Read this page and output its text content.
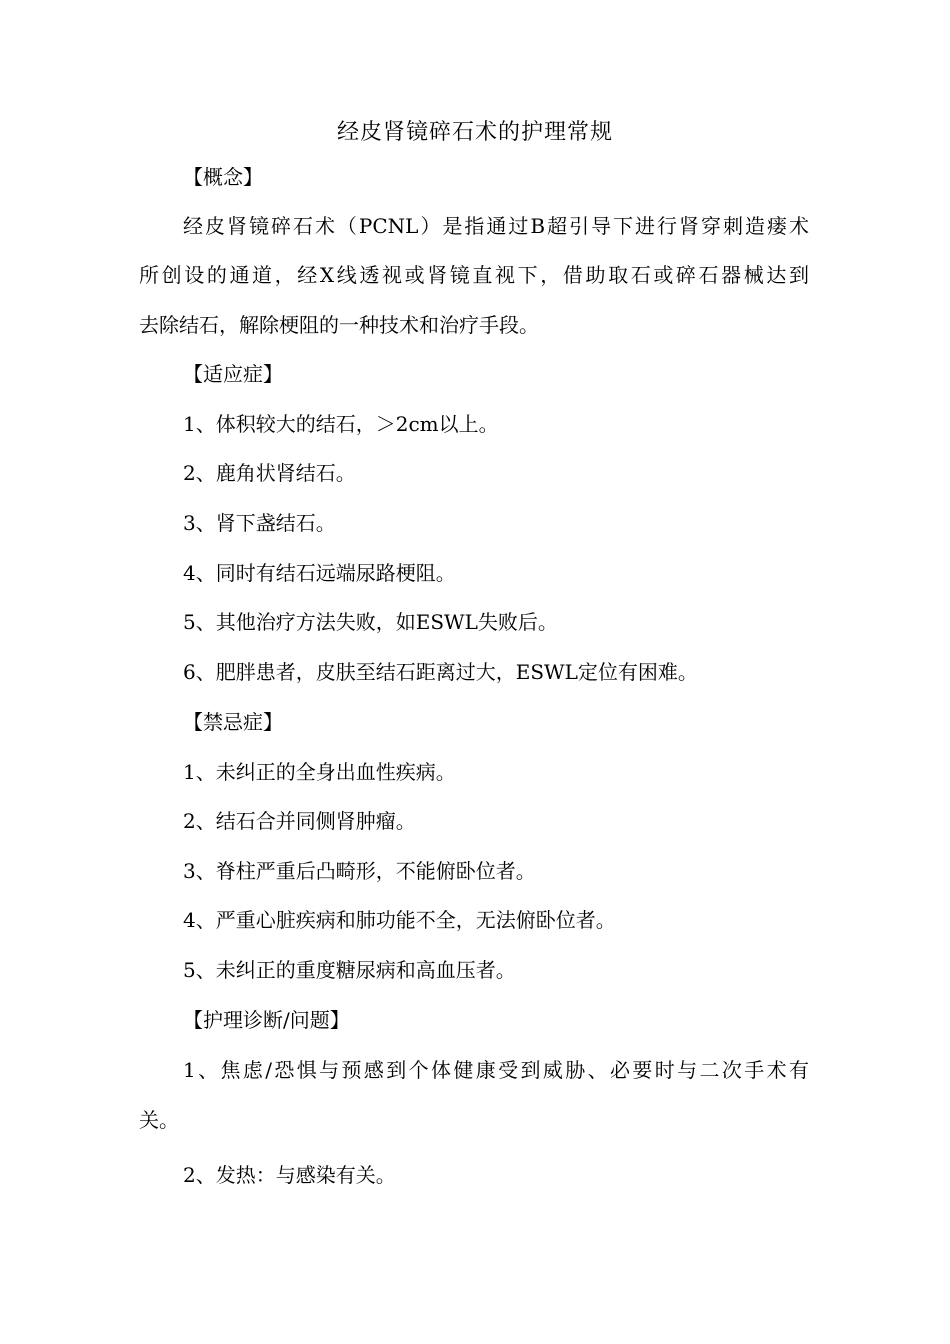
经皮肾镜碎石术的护理常规
【概念】
经皮肾镜碎石术（PCNL）是指通过B超引导下进行肾穿刺造瘘术
所创设的通道，经X线透视或肾镜直视下，借助取石或碎石器械达到
去除结石，解除梗阻的一种技术和治疗手段。
【适应症】
1、体积较大的结石，＞2cm以上。
2、鹿角状肾结石。
3、肾下盏结石。
4、同时有结石远端尿路梗阻。
5、其他治疗方法失败，如ESWL失败后。
6、肥胖患者，皮肤至结石距离过大，ESWL定位有困难。
【禁忌症】
1、未纠正的全身出血性疾病。
2、结石合并同侧肾肿瘤。
3、脊柱严重后凸畸形，不能俯卧位者。
4、严重心脏疾病和肺功能不全，无法俯卧位者。
5、未纠正的重度糖尿病和高血压者。
【护理诊断/问题】
1、焦虑/恐惧与预感到个体健康受到威胁、必要时与二次手术有
关。
2、发热：与感染有关。
